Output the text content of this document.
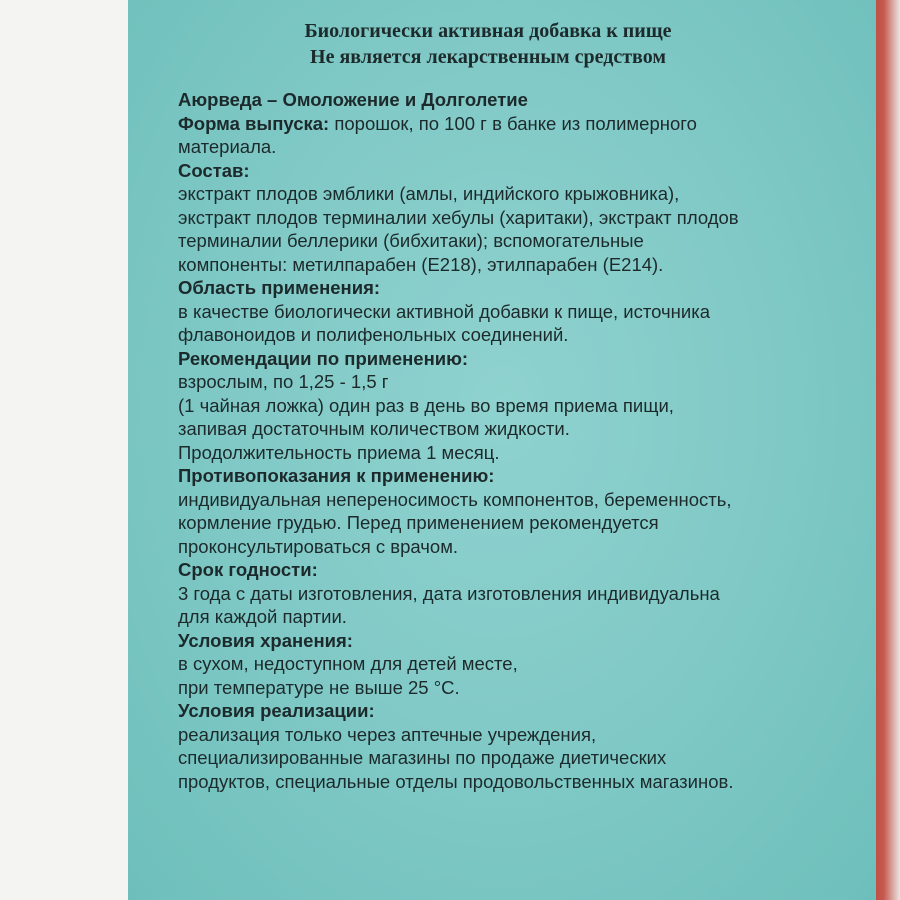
Биологически активная добавка к пище
Не является лекарственным средством
Аюрведа – Омоложение и Долголетие
Форма выпуска: порошок, по 100 г в банке из полимерного
материала.
Состав:
экстракт плодов эмблики (амлы, индийского крыжовника),
экстракт плодов терминалии хебулы (харитаки), экстракт плодов
терминалии беллерики (бибхитаки); вспомогательные
компоненты: метилпарабен (Е218), этилпарабен (Е214).
Область применения:
в качестве биологически активной добавки к пище, источника
флавоноидов и полифенольных соединений.
Рекомендации по применению:
взрослым, по 1,25 - 1,5 г
(1 чайная ложка) один раз в день во время приема пищи,
запивая достаточным количеством жидкости.
Продолжительность приема 1 месяц.
Противопоказания к применению:
индивидуальная непереносимость компонентов, беременность,
кормление грудью. Перед применением рекомендуется
проконсультироваться с врачом.
Срок годности:
3 года с даты изготовления, дата изготовления индивидуальна
для каждой партии.
Условия хранения:
в сухом, недоступном для детей месте,
при температуре не выше 25 °С.
Условия реализации:
реализация только через аптечные учреждения,
специализированные магазины по продаже диетических
продуктов, специальные отделы продовольственных магазинов.
